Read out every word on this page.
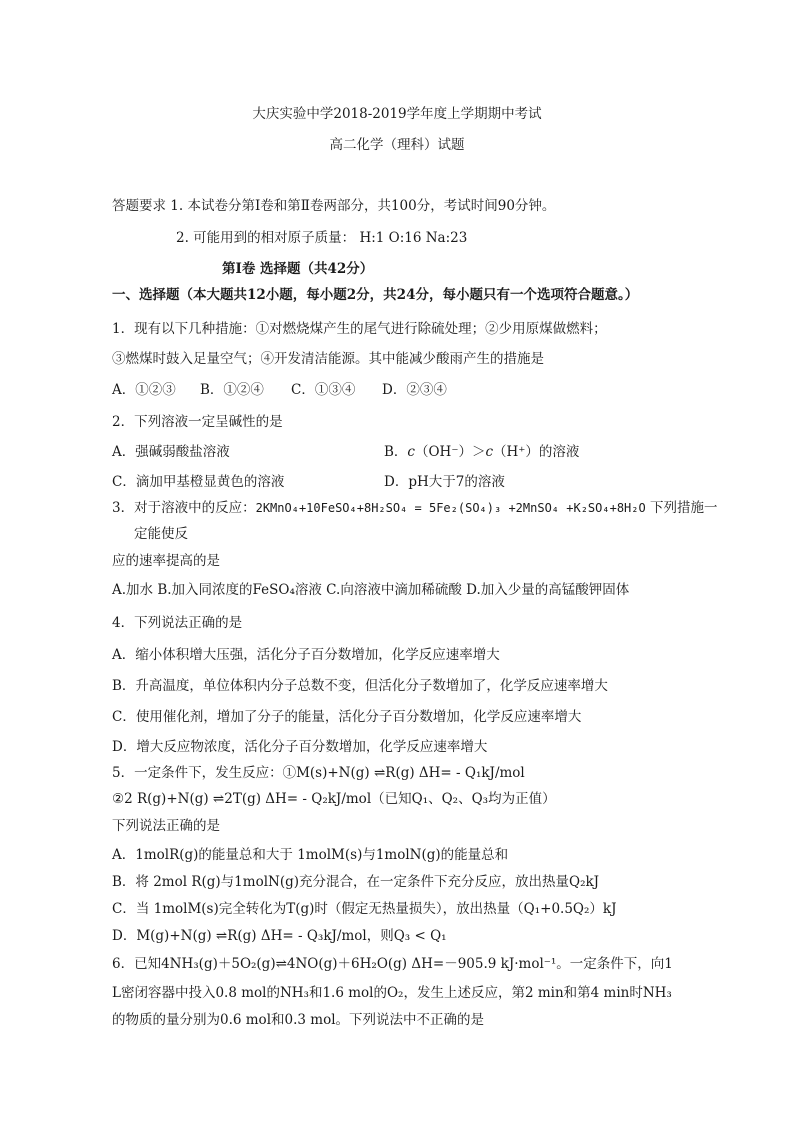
大庆实验中学2018-2019学年度上学期期中考试
高二化学（理科）试题
答题要求 1. 本试卷分第Ⅰ卷和第Ⅱ卷两部分，共100分，考试时间90分钟。
2. 可能用到的相对原子质量： H:1 O:16 Na:23
第Ⅰ卷 选择题（共42分）
一、选择题（本大题共12小题，每小题2分，共24分，每小题只有一个选项符合题意。）
1．现有以下几种措施：①对燃烧煤产生的尾气进行除硫处理；②少用原煤做燃料；
③燃煤时鼓入足量空气；④开发清洁能源。其中能减少酸雨产生的措施是
A．①②③ B．①②④ C．①③④ D．②③④
2．下列溶液一定呈碱性的是
A．强碱弱酸盐溶液	B．c（OH⁻）＞c（H⁺）的溶液
C．滴加甲基橙显黄色的溶液	D．pH大于7的溶液
3．对于溶液中的反应：2KMnO₄+10FeSO₄+8H₂SO₄ = 5Fe₂(SO₄)₃ +2MnSO₄ +K₂SO₄+8H₂O 下列措施一
定能使反
应的速率提高的是
A.加水 B.加入同浓度的FeSO₄溶液 C.向溶液中滴加稀硫酸 D.加入少量的高锰酸钾固体
4．下列说法正确的是
A．缩小体积增大压强，活化分子百分数增加，化学反应速率增大
B．升高温度，单位体积内分子总数不变，但活化分子数增加了，化学反应速率增大
C．使用催化剂，增加了分子的能量，活化分子百分数增加，化学反应速率增大
D．增大反应物浓度，活化分子百分数增加，化学反应速率增大
5．一定条件下，发生反应：①M(s)+N(g) ⇌R(g) ΔH= - Q₁kJ/mol
②2 R(g)+N(g) ⇌2T(g) ΔH= - Q₂kJ/mol（已知Q₁、Q₂、Q₃均为正值）
下列说法正确的是
A．1molR(g)的能量总和大于 1molM(s)与1molN(g)的能量总和
B．将 2mol R(g)与1molN(g)充分混合，在一定条件下充分反应，放出热量Q₂kJ
C．当 1molM(s)完全转化为T(g)时（假定无热量损失），放出热量（Q₁+0.5Q₂）kJ
D．M(g)+N(g) ⇌R(g) ΔH= - Q₃kJ/mol，则Q₃ < Q₁
6．已知4NH₃(g)＋5O₂(g)⇌4NO(g)＋6H₂O(g) ΔH=－905.9 kJ·mol⁻¹。一定条件下，向1
L密闭容器中投入0.8 mol的NH₃和1.6 mol的O₂，发生上述反应，第2 min和第4 min时NH₃
的物质的量分别为0.6 mol和0.3 mol。下列说法中不正确的是
